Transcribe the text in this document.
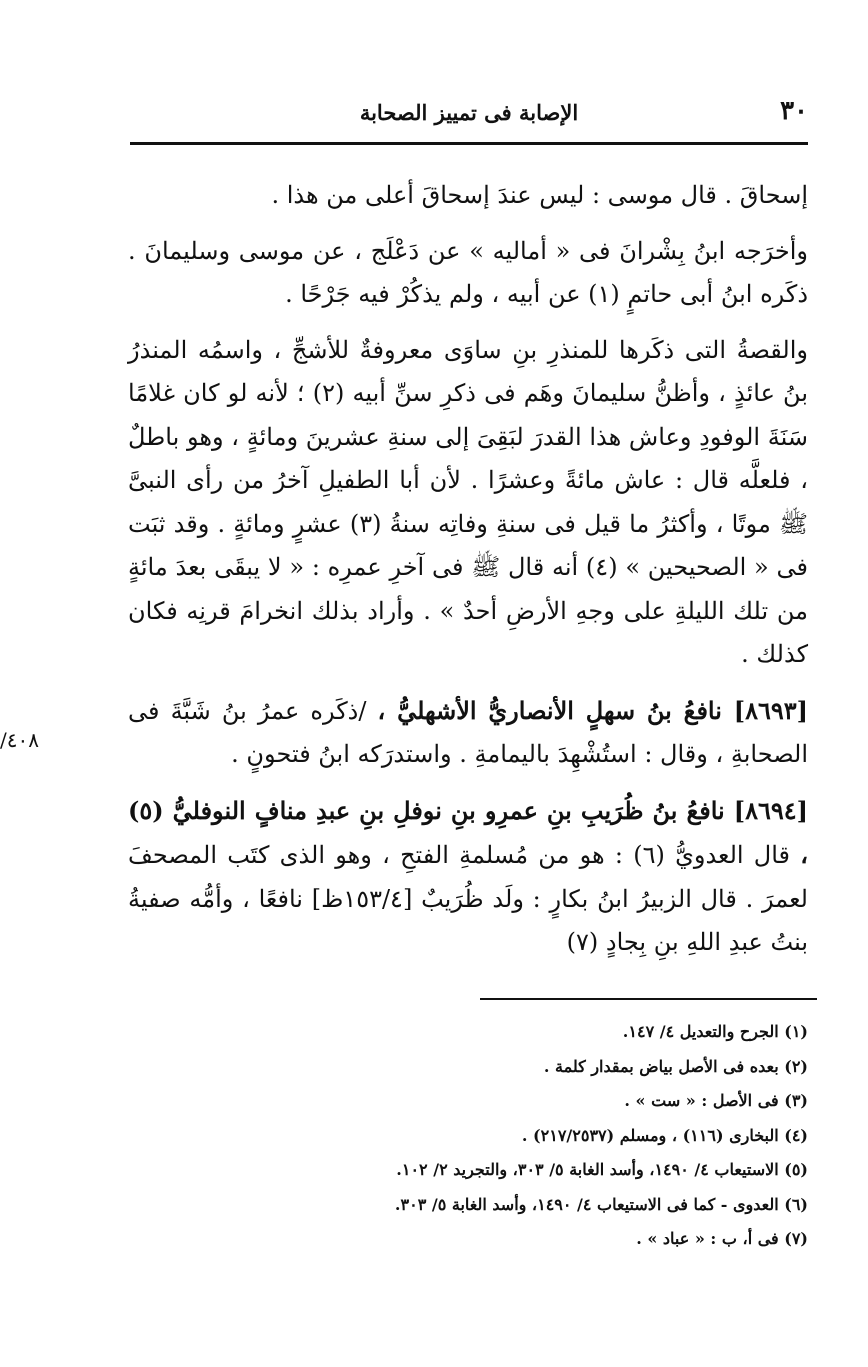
٣٠
الإصابة فى تمييز الصحابة
٤٠٨/

إسحاقَ . قال موسى : ليس عندَ إسحاقَ أعلى من هذا .

وأخرَجه ابنُ بِشْرانَ فى « أماليه » عن دَعْلَج ، عن موسى وسليمانَ . ذكَره ابنُ أبى حاتمٍ (١) عن أبيه ، ولم يذكُرْ فيه جَرْحًا .

والقصةُ التى ذكَرها للمنذرِ بنِ ساوَى معروفةٌ للأشجِّ ، واسمُه المنذرُ بنُ عائذٍ ، وأظنُّ سليمانَ وهَم فى ذكرِ سنِّ أبيه (٢) ؛ لأنه لو كان غلامًا سَنَةَ الوفودِ وعاش هذا القدرَ لبَقِىَ إلى سنةِ عشرينَ ومائةٍ ، وهو باطلٌ ، فلعلَّه قال : عاش مائةً وعشرًا . لأن أبا الطفيلِ آخرُ من رأى النبىَّ ﷺ موتًا ، وأكثرُ ما قيل فى سنةِ وفاتِه سنةُ (٣) عشرٍ ومائةٍ . وقد ثبَت فى « الصحيحين » (٤) أنه قال ﷺ فى آخرِ عمرِه : « لا يبقَى بعدَ مائةٍ من تلك الليلةِ على وجهِ الأرضِ أحدٌ » . وأراد بذلك انخرامَ قرنِه فكان كذلك .

[٨٦٩٣] نافعُ بنُ سهلٍ الأنصاريُّ الأشهليُّ ، /ذكَره عمرُ بنُ شَبَّةَ فى الصحابةِ ، وقال : استُشْهِدَ باليمامةِ . واستدرَكه ابنُ فتحونٍ .

[٨٦٩٤] نافعُ بنُ ظُرَيبِ بنِ عمرِو بنِ نوفلِ بنِ عبدِ منافٍ النوفليُّ (٥) ، قال العدويُّ (٦) : هو من مُسلمةِ الفتحِ ، وهو الذى كتَب المصحفَ لعمرَ . قال الزبيرُ ابنُ بكارٍ : ولَد ظُرَيبٌ [١٥٣/٤ظ] نافعًا ، وأمُّه صفيةُ بنتُ عبدِ اللهِ بنِ بِجادٍ (٧)

(١) الجرح والتعديل ٤/ ١٤٧.
(٢) بعده فى الأصل بياض بمقدار كلمة .
(٣) فى الأصل : « ست » .
(٤) البخارى (١١٦) ، ومسلم (٢١٧/٢٥٣٧) .
(٥) الاستيعاب ٤/ ١٤٩٠، وأسد الغابة ٥/ ٣٠٣، والتجريد ٢/ ١٠٢.
(٦) العدوى - كما فى الاستيعاب ٤/ ١٤٩٠، وأسد الغابة ٥/ ٣٠٣.
(٧) فى أ، ب : « عباد » .
